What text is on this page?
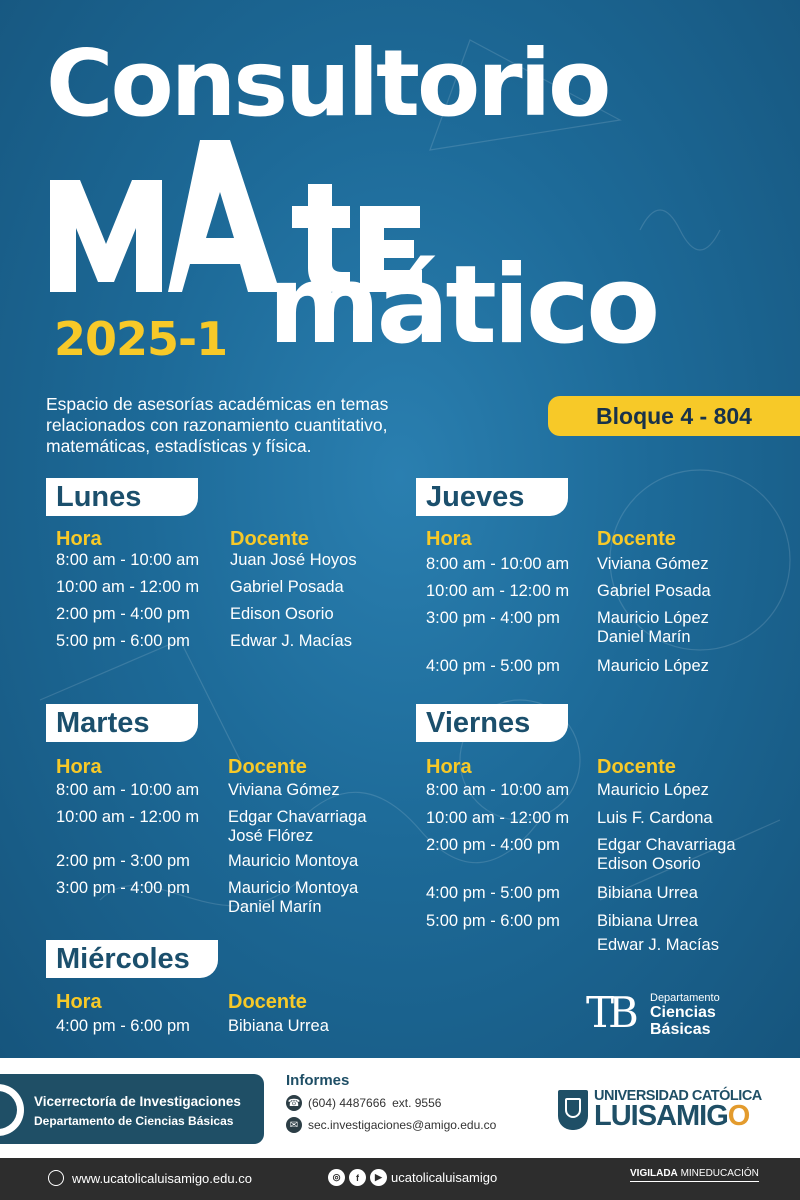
Consultorio
mático
2025-1
Espacio de asesorías académicas en temas relacionados con razonamiento cuantitativo, matemáticas, estadísticas y física.
Bloque 4 - 804
Lunes
Hora	Docente
8:00 am - 10:00 am Juan José Hoyos
10:00 am - 12:00 m Gabriel Posada
2:00 pm - 4:00 pm Edison Osorio
5:00 pm - 6:00 pm Edwar J. Macías
Martes
Hora	Docente
8:00 am - 10:00 am Viviana Gómez
10:00 am - 12:00 m Edgar Chavarriaga
José Flórez
2:00 pm - 3:00 pm Mauricio Montoya
3:00 pm - 4:00 pm Mauricio Montoya
Daniel Marín
Miércoles
Hora	Docente
4:00 pm - 6:00 pm Bibiana Urrea
Jueves
Hora	Docente
8:00 am - 10:00 am Viviana Gómez
10:00 am - 12:00 m Gabriel Posada
3:00 pm - 4:00 pm Mauricio López
Daniel Marín
4:00 pm - 5:00 pm Mauricio López
Viernes
Hora	Docente
8:00 am - 10:00 am Mauricio López
10:00 am - 12:00 m Luis F. Cardona
2:00 pm - 4:00 pm Edgar Chavarriaga
Edison Osorio
4:00 pm - 5:00 pm Bibiana Urrea
5:00 pm - 6:00 pm Bibiana Urrea
Edwar J. Macías
TB Departamento
Ciencias
Básicas
Vicerrectoría de Investigaciones
Departamento de Ciencias Básicas
Informes
☎ (604) 4487666 ext. 9556
✉ sec.investigaciones@amigo.edu.co
UNIVERSIDAD CATÓLICA
LUISAMIGO
www.ucatolicaluisamigo.edu.co	◎	f	▶ ucatolicaluisamigo	VIGILADA MINEDUCACIÓN
